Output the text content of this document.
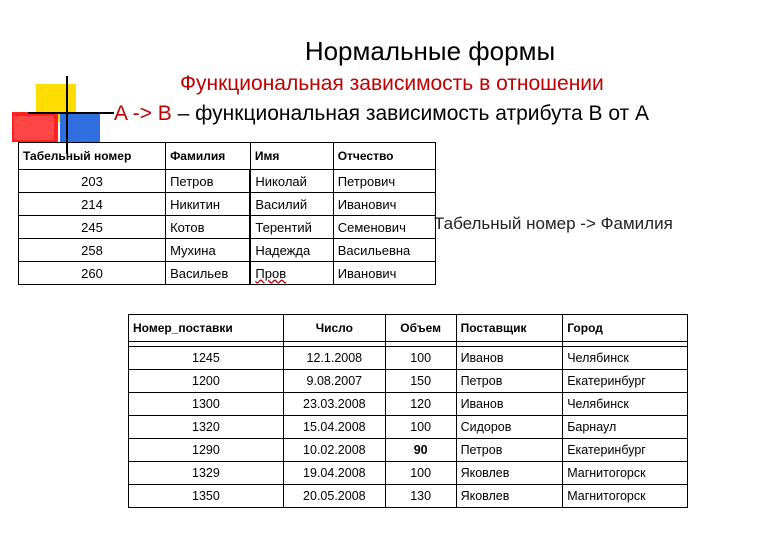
Нормальные формы
Функциональная зависимость в отношении
A -> B – функциональная зависимость атрибута В от А
Табельный номер -> Фамилия
Табельный номер	Фамилия	Имя	Отчество
203	Петров	Николай	Петрович
214	Никитин	Василий	Иванович
245	Котов	Терентий	Семенович
258	Мухина	Надежда	Васильевна
260	Васильев	Пров	Иванович
Номер_поставки	Число	Объем	Поставщик	Город

1245	12.1.2008	100	Иванов	Челябинск
1200	9.08.2007	150	Петров	Екатеринбург
1300	23.03.2008	120	Иванов	Челябинск
1320	15.04.2008	100	Сидоров	Барнаул
1290	10.02.2008	90	Петров	Екатеринбург
1329	19.04.2008	100	Яковлев	Магнитогорск
1350	20.05.2008	130	Яковлев	Магнитогорск
